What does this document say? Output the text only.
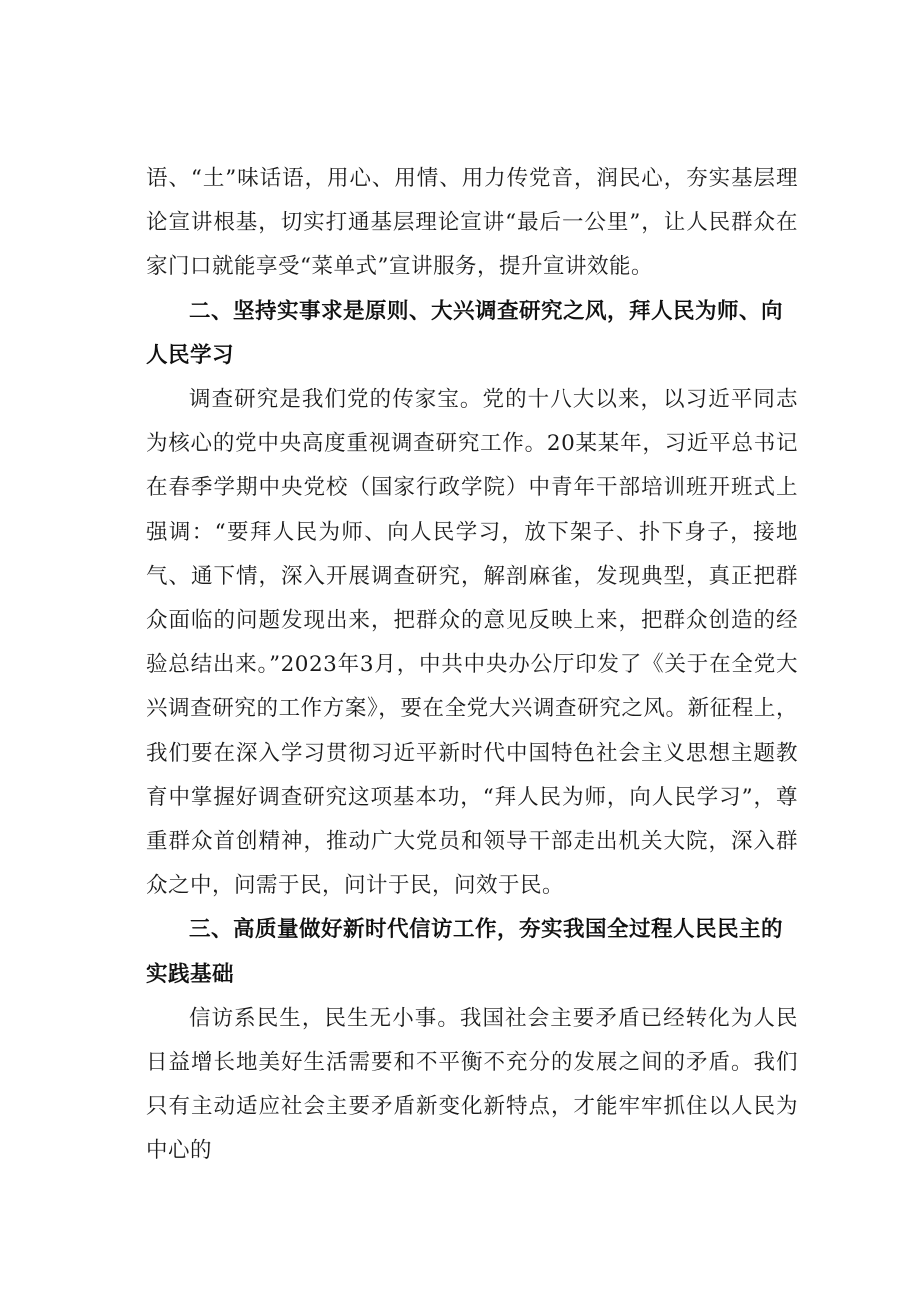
语、“土”味话语，用心、用情、用力传党音，润民心，夯实基层理论宣讲根基，切实打通基层理论宣讲“最后一公里”，让人民群众在家门口就能享受“菜单式”宣讲服务，提升宣讲效能。

二、坚持实事求是原则、大兴调查研究之风，拜人民为师、向人民学习

调查研究是我们党的传家宝。党的十八大以来，以习近平同志为核心的党中央高度重视调查研究工作。20某某年，习近平总书记在春季学期中央党校（国家行政学院）中青年干部培训班开班式上强调：“要拜人民为师、向人民学习，放下架子、扑下身子，接地气、通下情，深入开展调查研究，解剖麻雀，发现典型，真正把群众面临的问题发现出来，把群众的意见反映上来，把群众创造的经验总结出来。”2023年3月，中共中央办公厅印发了《关于在全党大兴调查研究的工作方案》，要在全党大兴调查研究之风。新征程上，我们要在深入学习贯彻习近平新时代中国特色社会主义思想主题教育中掌握好调查研究这项基本功，“拜人民为师，向人民学习”，尊重群众首创精神，推动广大党员和领导干部走出机关大院，深入群众之中，问需于民，问计于民，问效于民。

三、高质量做好新时代信访工作，夯实我国全过程人民民主的实践基础

信访系民生，民生无小事。我国社会主要矛盾已经转化为人民日益增长地美好生活需要和不平衡不充分的发展之间的矛盾。我们只有主动适应社会主要矛盾新变化新特点，才能牢牢抓住以人民为中心的
